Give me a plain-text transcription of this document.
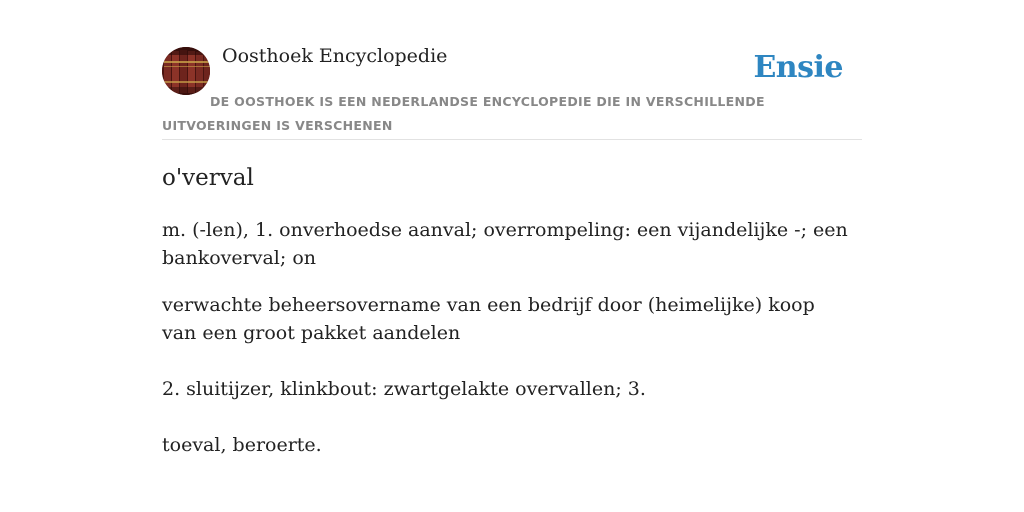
Oosthoek Encyclopedie	Ensie
DE OOSTHOEK IS EEN NEDERLANDSE ENCYCLOPEDIE DIE IN VERSCHILLENDE UITVOERINGEN IS VERSCHENEN
o'verval

m. (-len), 1. onverhoedse aanval; overrompeling: een vijandelijke -; een bankoverval; on

verwachte beheersovername van een bedrijf door (heimelijke) koop van een groot pakket aandelen

2. sluitijzer, klinkbout: zwartgelakte overvallen; 3.

toeval, beroerte.
